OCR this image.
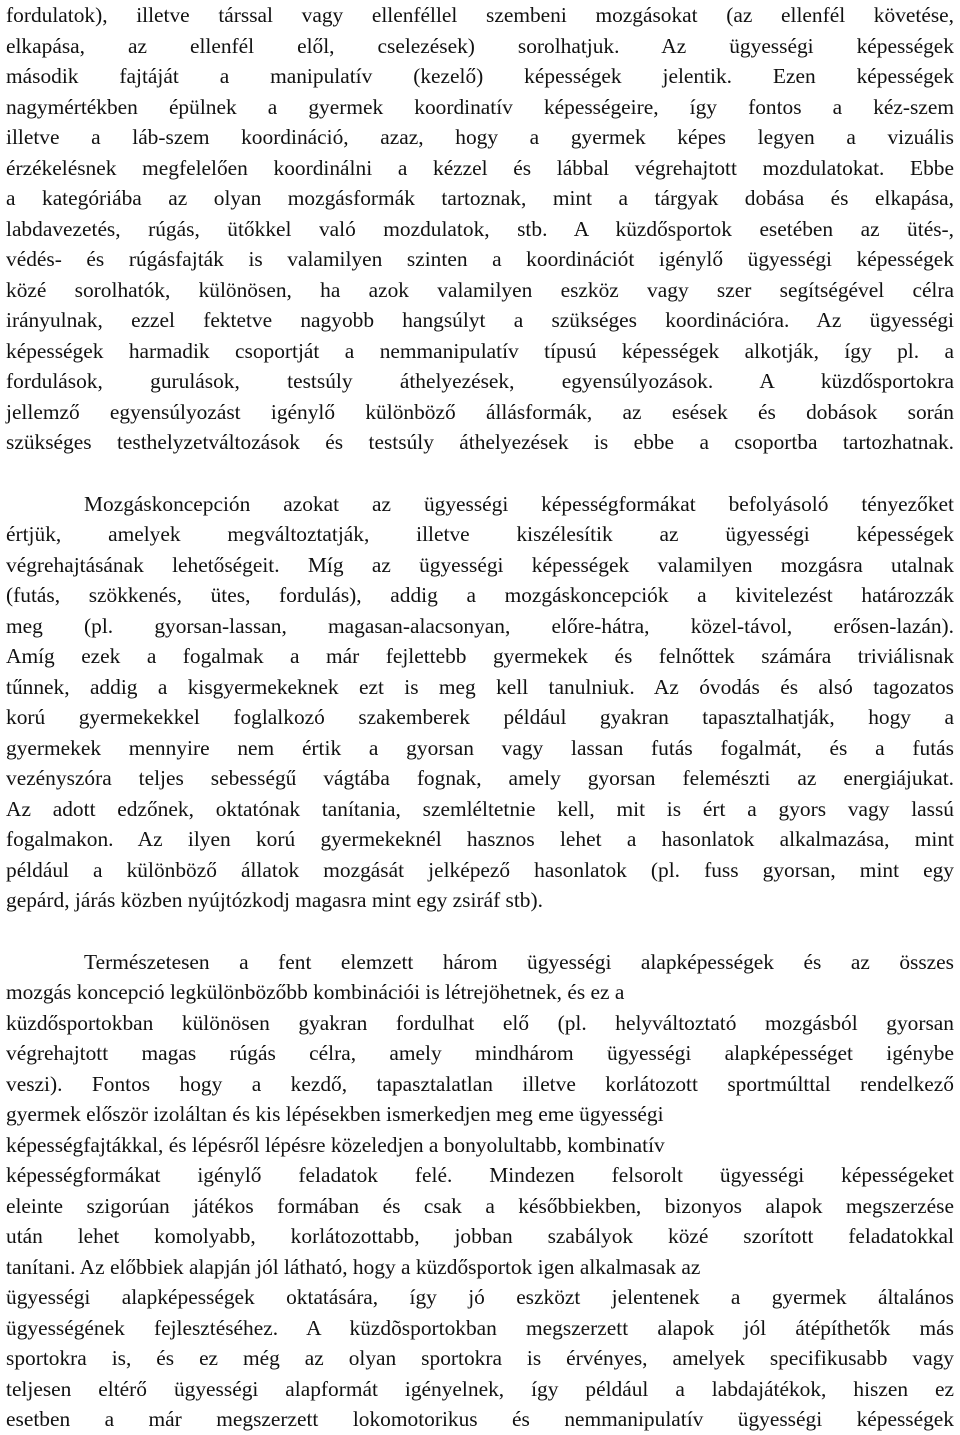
fordulatok), illetve társsal vagy ellenféllel szembeni mozgásokat (az ellenfél követése,
elkapása, az ellenfél elől, cselezések) sorolhatjuk. Az ügyességi képességek
második fajtáját a manipulatív (kezelő) képességek jelentik. Ezen képességek
nagymértékben épülnek a gyermek koordinatív képességeire, így fontos a kéz-szem
illetve a láb-szem koordináció, azaz, hogy a gyermek képes legyen a vizuális
érzékelésnek megfelelően koordinálni a kézzel és lábbal végrehajtott mozdulatokat. Ebbe
a kategóriába az olyan mozgásformák tartoznak, mint a tárgyak dobása és elkapása,
labdavezetés, rúgás, ütőkkel való mozdulatok, stb. A küzdősportok esetében az ütés-,
védés- és rúgásfajták is valamilyen szinten a koordinációt igénylő ügyességi képességek
közé sorolhatók, különösen, ha azok valamilyen eszköz vagy szer segítségével célra
irányulnak, ezzel fektetve nagyobb hangsúlyt a szükséges koordinációra. Az ügyességi
képességek harmadik csoportját a nemmanipulatív típusú képességek alkotják, így pl. a
fordulások, gurulások, testsúly áthelyezések, egyensúlyozások. A küzdősportokra
jellemző egyensúlyozást igénylő különböző állásformák, az esések és dobások során
szükséges testhelyzetváltozások és testsúly áthelyezések is ebbe a csoportba tartozhatnak.
Mozgáskoncepción azokat az ügyességi képességformákat befolyásoló tényezőket
értjük, amelyek megváltoztatják, illetve kiszélesítik az ügyességi képességek
végrehajtásának lehetőségeit. Míg az ügyességi képességek valamilyen mozgásra utalnak
(futás, szökkenés, ütes, fordulás), addig a mozgáskoncepciók a kivitelezést határozzák
meg (pl. gyorsan-lassan, magasan-alacsonyan, előre-hátra, közel-távol, erősen-lazán).
Amíg ezek a fogalmak a már fejlettebb gyermekek és felnőttek számára triviálisnak
tűnnek, addig a kisgyermekeknek ezt is meg kell tanulniuk. Az óvodás és alsó tagozatos
korú gyermekekkel foglalkozó szakemberek például gyakran tapasztalhatják, hogy a
gyermekek mennyire nem értik a gyorsan vagy lassan futás fogalmát, és a futás
vezényszóra teljes sebességű vágtába fognak, amely gyorsan felemészti az energiájukat.
Az adott edzőnek, oktatónak tanítania, szemléltetnie kell, mit is ért a gyors vagy lassú
fogalmakon. Az ilyen korú gyermekeknél hasznos lehet a hasonlatok alkalmazása, mint
például a különböző állatok mozgását jelképező hasonlatok (pl. fuss gyorsan, mint egy
gepárd, járás közben nyújtózkodj magasra mint egy zsiráf stb).
Természetesen a fent elemzett három ügyességi alapképességek és az összes
mozgás koncepció legkülönbözőbb kombinációi is létrejöhetnek, és ez a
küzdősportokban különösen gyakran fordulhat elő (pl. helyváltoztató mozgásból gyorsan
végrehajtott magas rúgás célra, amely mindhárom ügyességi alapképességet igénybe
veszi). Fontos hogy a kezdő, tapasztalatlan illetve korlátozott sportmúlttal rendelkező
gyermek először izoláltan és kis lépésekben ismerkedjen meg eme ügyességi
képességfajtákkal, és lépésről lépésre közeledjen a bonyolultabb, kombinatív
képességformákat igénylő feladatok felé. Mindezen felsorolt ügyességi képességeket
eleinte szigorúan játékos formában és csak a későbbiekben, bizonyos alapok megszerzése
után lehet komolyabb, korlátozottabb, jobban szabályok közé szorított feladatokkal
tanítani. Az előbbiek alapján jól látható, hogy a küzdősportok igen alkalmasak az
ügyességi alapképességek oktatására, így jó eszközt jelentenek a gyermek általános
ügyességének fejlesztéséhez. A küzdõsportokban megszerzett alapok jól átépíthetők más
sportokra is, és ez még az olyan sportokra is érvényes, amelyek specifikusabb vagy
teljesen eltérő ügyességi alapformát igényelnek, így például a labdajátékok, hiszen ez
esetben a már megszerzett lokomotorikus és nemmanipulatív ügyességi képességek
